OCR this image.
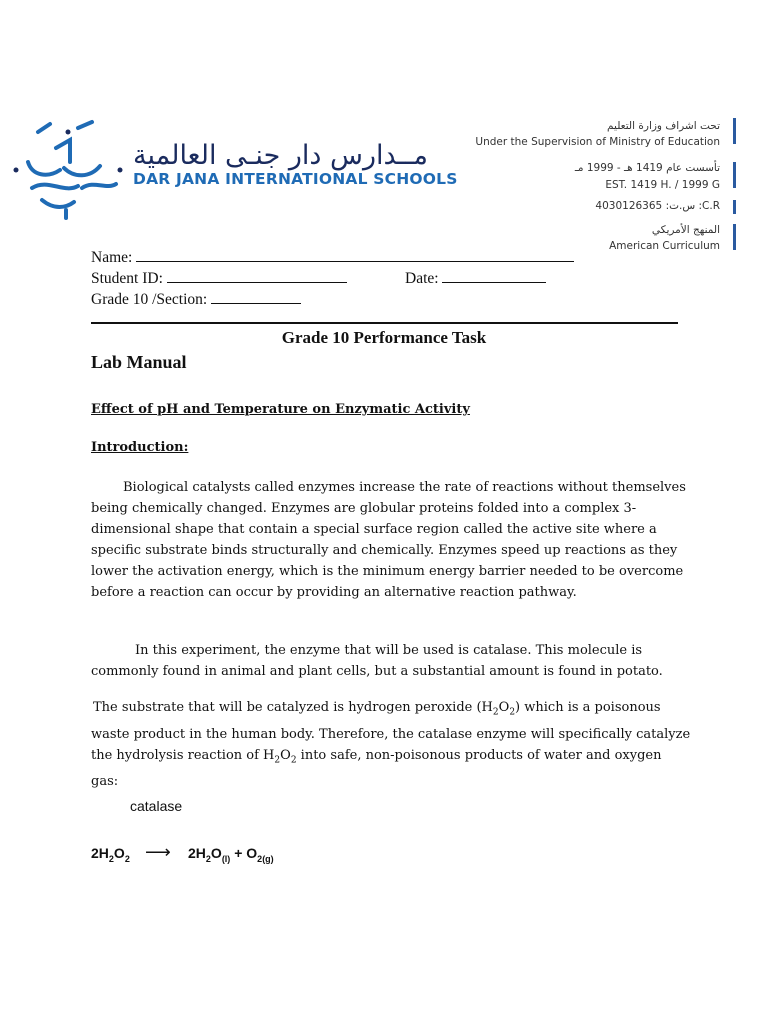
مــدارس دار جنـى العالمية
DAR JANA INTERNATIONAL SCHOOLS
تحت اشراف وزارة التعليم
Under the Supervision of Ministry of Education
تأسست عام 1419 هـ - 1999 مـ
EST. 1419 H. / 1999 G
س.ت: 4030126365 :C.R
المنهج الأمريكي
American Curriculum
Name:
Student ID:	Date:
Grade 10 /Section:
Grade 10 Performance Task
Lab Manual
Effect of pH and Temperature on Enzymatic Activity
Introduction:
Biological catalysts called enzymes increase the rate of reactions without themselves being chemically changed. Enzymes are globular proteins folded into a complex 3-dimensional shape that contain a special surface region called the active site where a specific substrate binds structurally and chemically. Enzymes speed up reactions as they lower the activation energy, which is the minimum energy barrier needed to be overcome before a reaction can occur by providing an alternative reaction pathway.
In this experiment, the enzyme that will be used is catalase. This molecule is commonly found in animal and plant cells, but a substantial amount is found in potato.
The substrate that will be catalyzed is hydrogen peroxide $(H_2O_2)$ which is a poisonous waste product in the human body. Therefore, the catalase enzyme will specifically catalyze the hydrolysis reaction of $H_2O_2$ into safe, non-poisonous products of water and oxygen gas:
catalase
$2H_2O_2$ ⟶ $2H_2O_{(l)} + O_{2(g)}$
